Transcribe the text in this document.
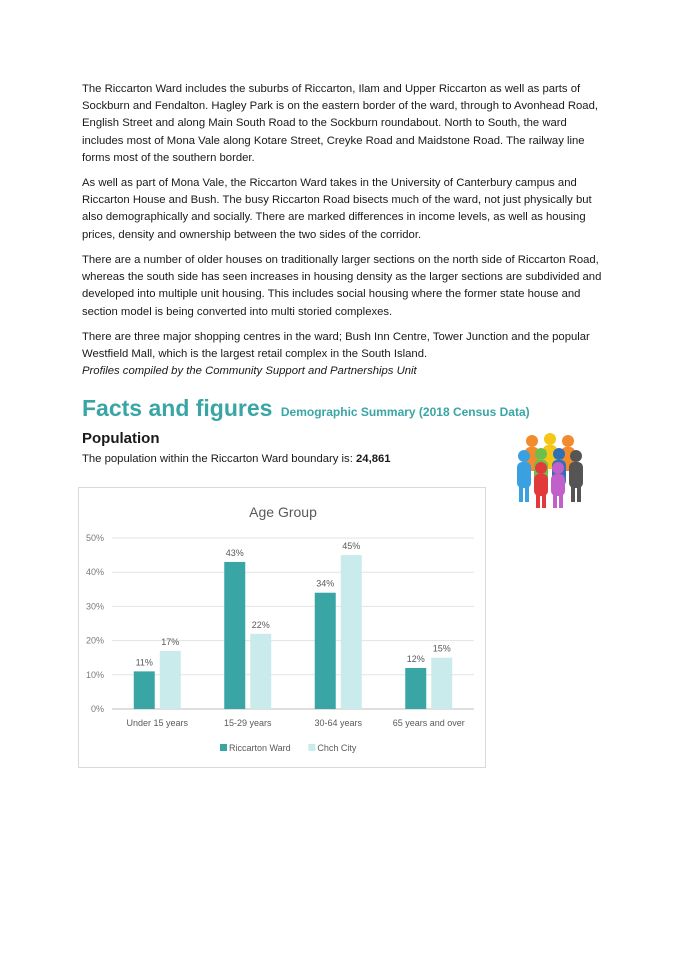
The Riccarton Ward includes the suburbs of Riccarton, Ilam and Upper Riccarton as well as parts of Sockburn and Fendalton. Hagley Park is on the eastern border of the ward, through to Avonhead Road, English Street and along Main South Road to the Sockburn roundabout. North to South, the ward includes most of Mona Vale along Kotare Street, Creyke Road and Maidstone Road. The railway line forms most of the southern border.

As well as part of Mona Vale, the Riccarton Ward takes in the University of Canterbury campus and Riccarton House and Bush. The busy Riccarton Road bisects much of the ward, not just physically but also demographically and socially. There are marked differences in income levels, as well as housing prices, density and ownership between the two sides of the corridor.

There are a number of older houses on traditionally larger sections on the north side of Riccarton Road, whereas the south side has seen increases in housing density as the larger sections are subdivided and developed into multiple unit housing. This includes social housing where the former state house and section model is being converted into multi storied complexes.

There are three major shopping centres in the ward; Bush Inn Centre, Tower Junction and the popular Westfield Mall, which is the largest retail complex in the South Island.

Profiles compiled by the Community Support and Partnerships Unit
Facts and figures Demographic Summary (2018 Census Data)
Population
The population within the Riccarton Ward boundary is: 24,861
Age Group
0%
10%
20%
30%
40%
50%
11%
17%
Under 15 years
43%
22%
15-29 years
34%
45%
30-64 years
12%
15%
65 years and over
Riccarton Ward	Chch City
